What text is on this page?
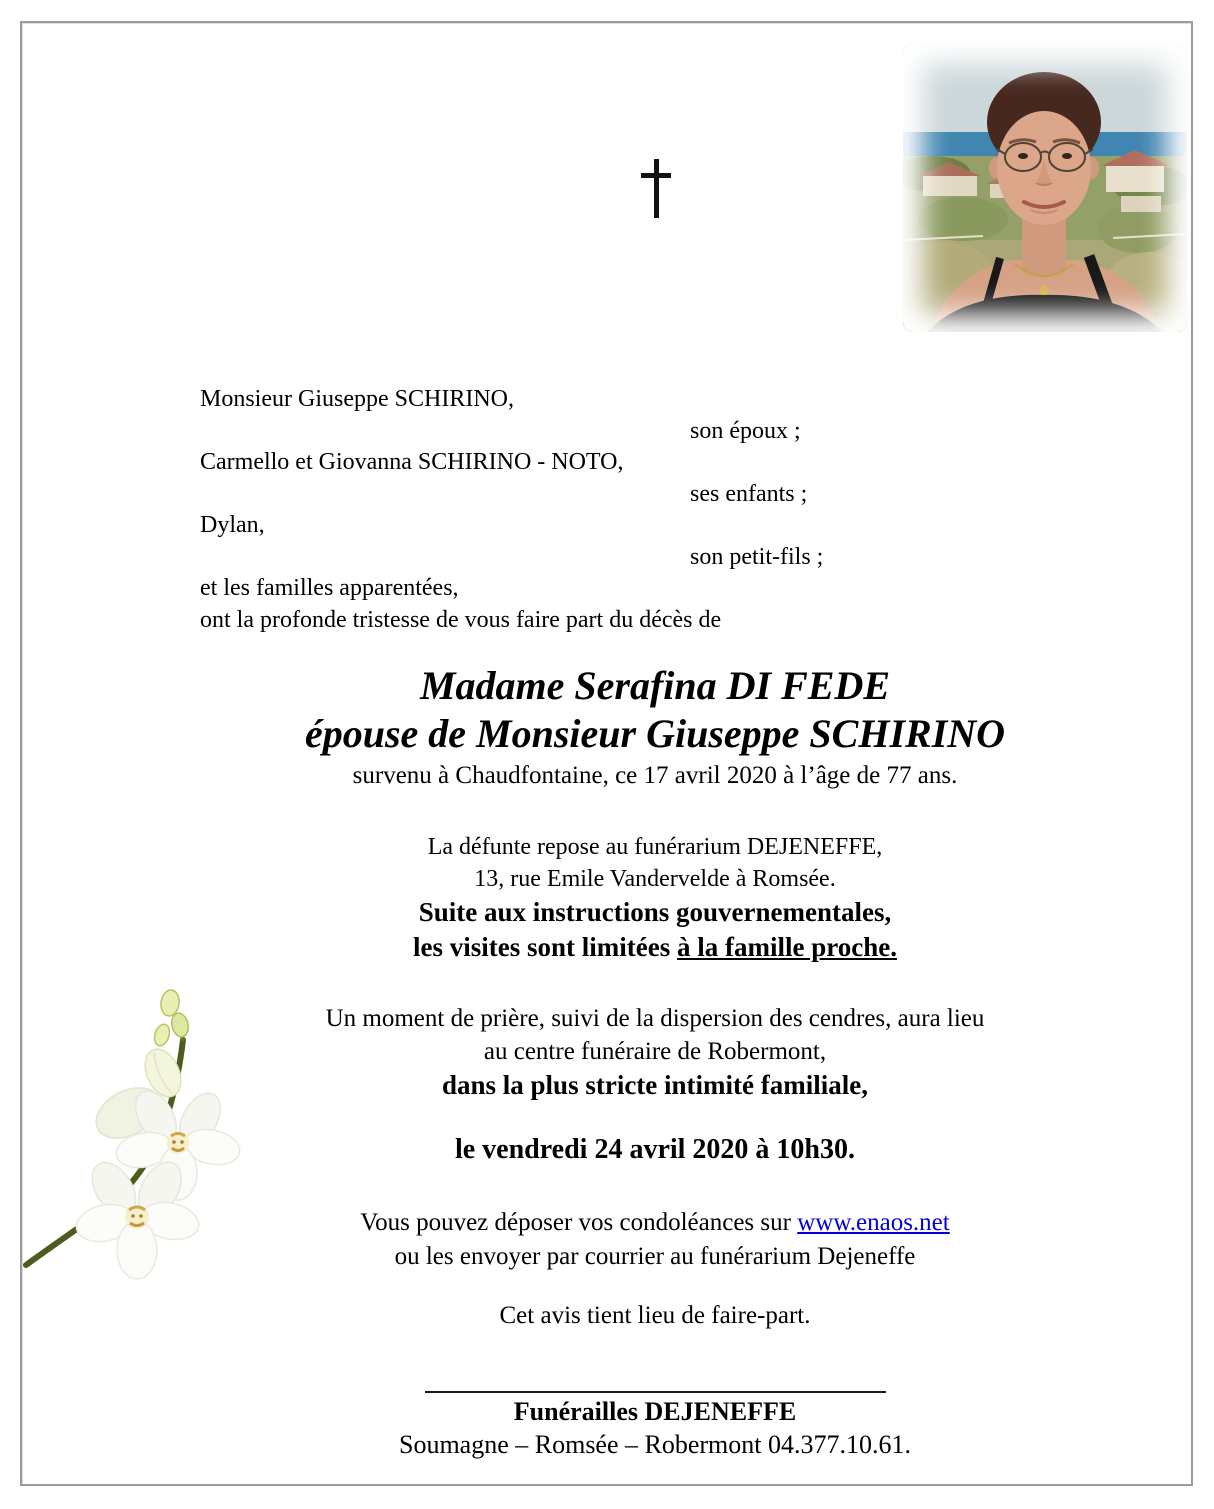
Monsieur Giuseppe SCHIRINO,
son époux ;
Carmello et Giovanna SCHIRINO - NOTO,
ses enfants ;
Dylan,
son petit-fils ;
et les familles apparentées,
ont la profonde tristesse de vous faire part du décès de
Madame Serafina DI FEDE
épouse de Monsieur Giuseppe SCHIRINO
survenu à Chaudfontaine, ce 17 avril 2020 à l’âge de 77 ans.
La défunte repose au funérarium DEJENEFFE,
13, rue Emile Vandervelde à Romsée.
Suite aux instructions gouvernementales,
les visites sont limitées à la famille proche.
Un moment de prière, suivi de la dispersion des cendres, aura lieu
au centre funéraire de Robermont,
dans la plus stricte intimité familiale,
le vendredi 24 avril 2020 à 10h30.
Vous pouvez déposer vos condoléances sur www.enaos.net
ou les envoyer par courrier au funérarium Dejeneffe
Cet avis tient lieu de faire-part.
Funérailles DEJENEFFE
Soumagne – Romsée – Robermont 04.377.10.61.
